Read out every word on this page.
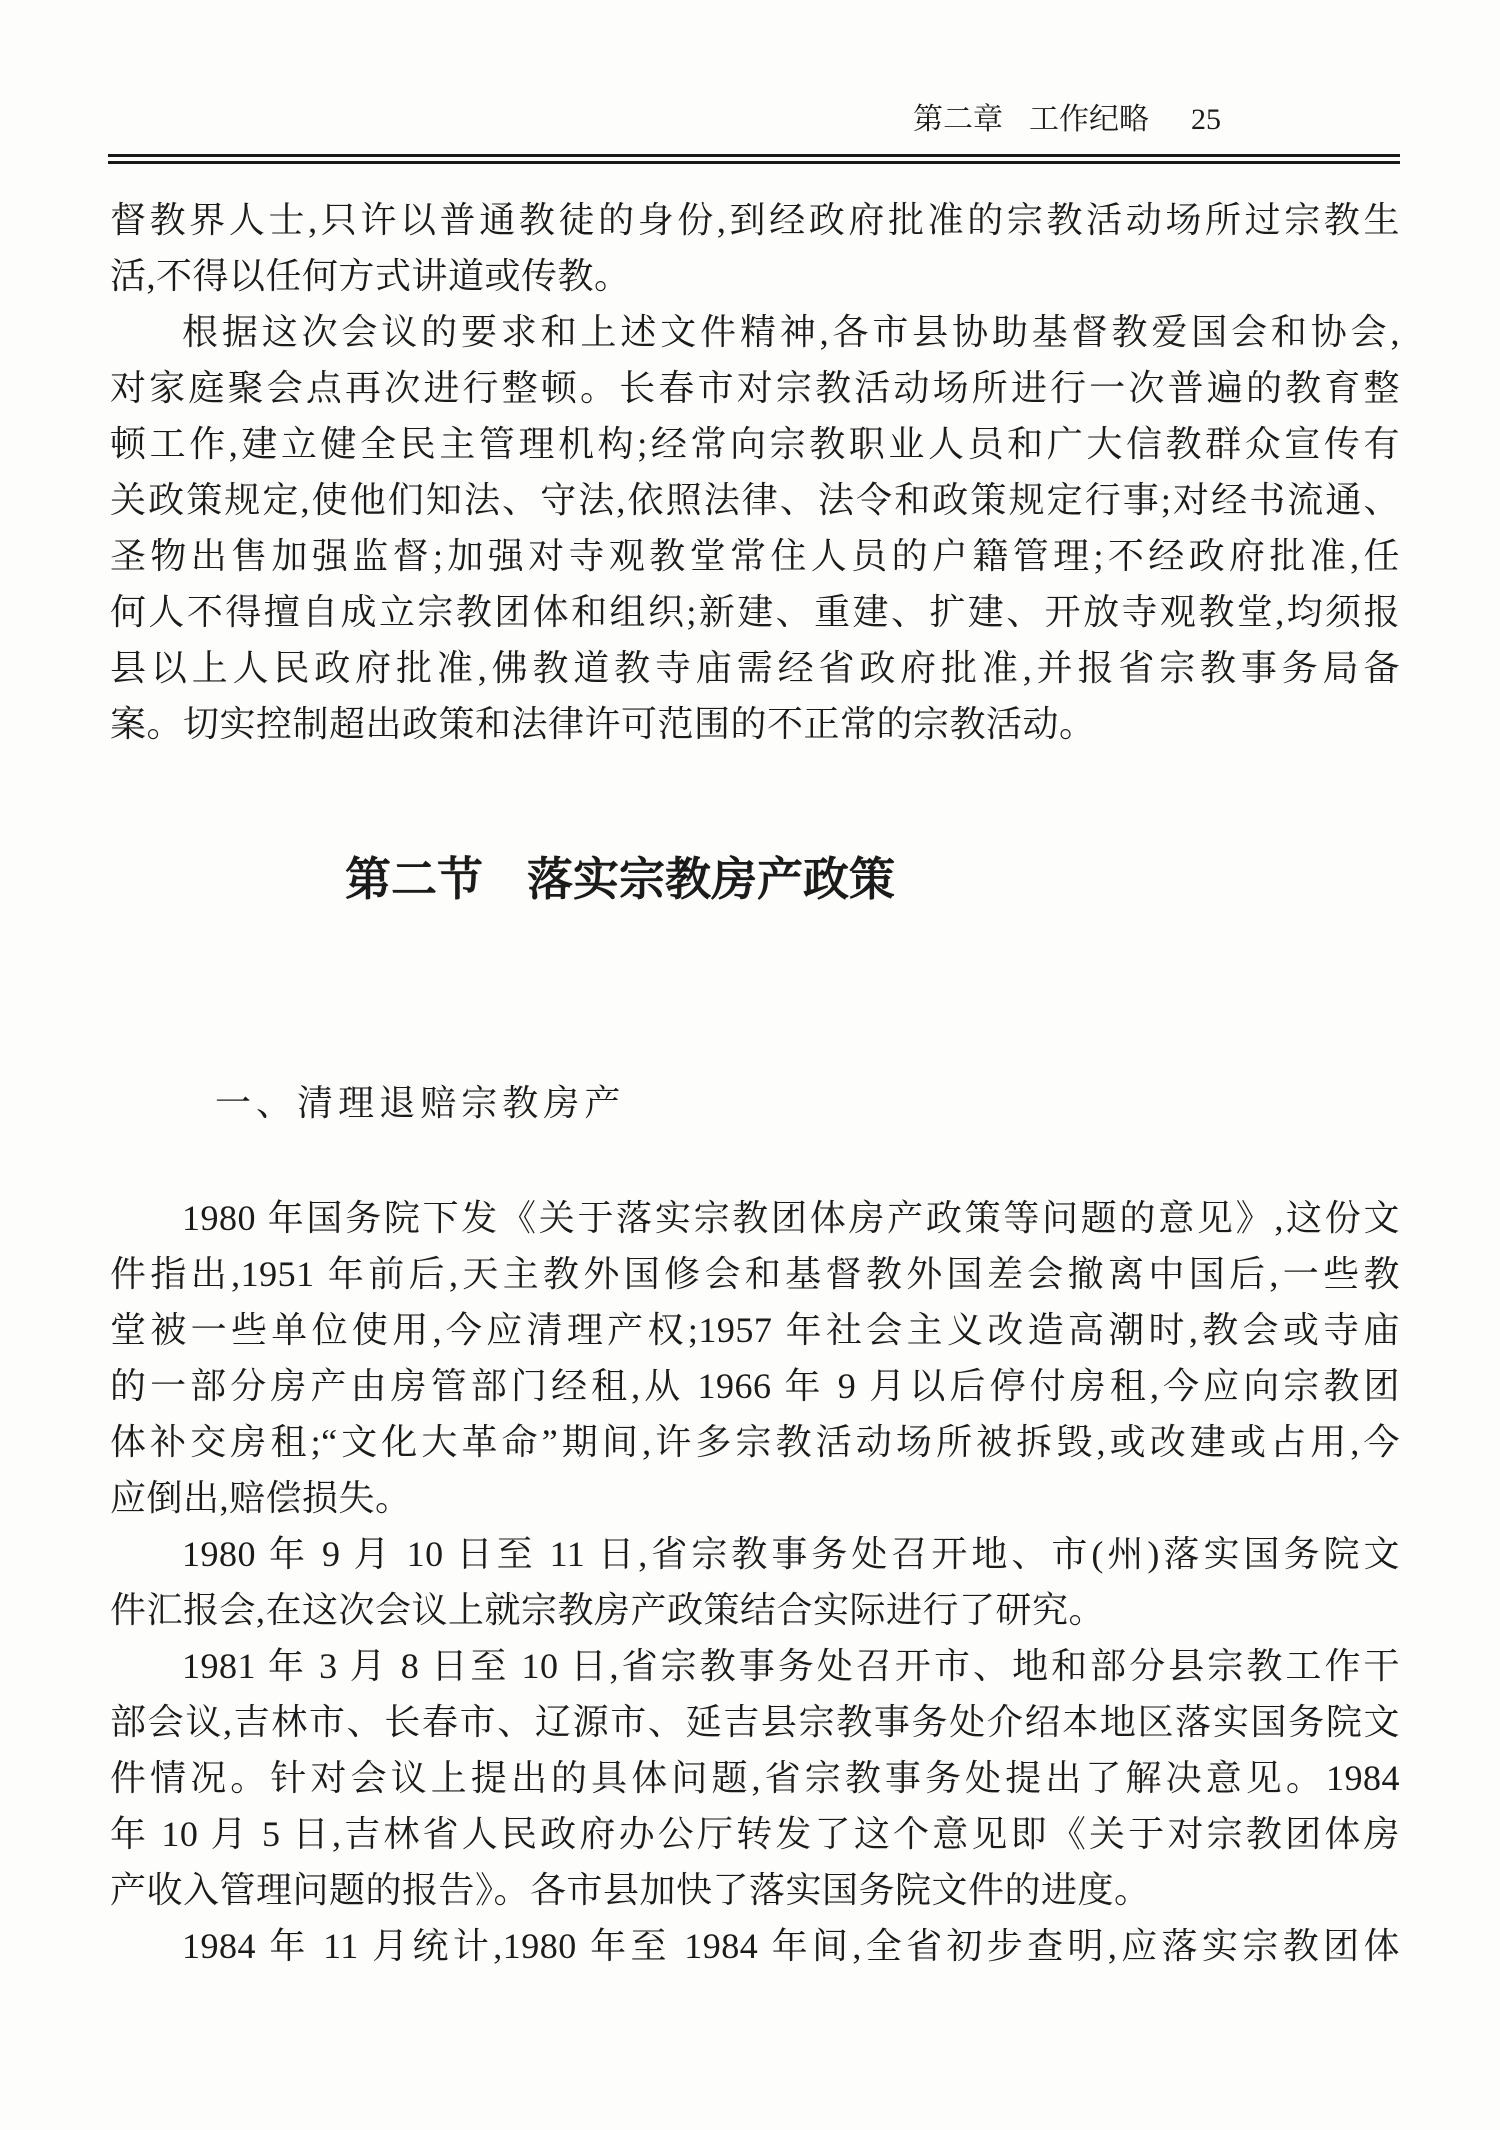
第二章 工作纪略 25
督教界人士,只许以普通教徒的身份,到经政府批准的宗教活动场所过宗教生
活,不得以任何方式讲道或传教。
根据这次会议的要求和上述文件精神,各市县协助基督教爱国会和协会,
对家庭聚会点再次进行整顿。长春市对宗教活动场所进行一次普遍的教育整
顿工作,建立健全民主管理机构;经常向宗教职业人员和广大信教群众宣传有
关政策规定,使他们知法、守法,依照法律、法令和政策规定行事;对经书流通、
圣物出售加强监督;加强对寺观教堂常住人员的户籍管理;不经政府批准,任
何人不得擅自成立宗教团体和组织;新建、重建、扩建、开放寺观教堂,均须报
县以上人民政府批准,佛教道教寺庙需经省政府批准,并报省宗教事务局备
案。切实控制超出政策和法律许可范围的不正常的宗教活动。
第二节 落实宗教房产政策
一、清理退赔宗教房产
1980 年国务院下发《关于落实宗教团体房产政策等问题的意见》,这份文
件指出,1951 年前后,天主教外国修会和基督教外国差会撤离中国后,一些教
堂被一些单位使用,今应清理产权;1957 年社会主义改造高潮时,教会或寺庙
的一部分房产由房管部门经租,从 1966 年 9 月以后停付房租,今应向宗教团
体补交房租;“文化大革命”期间,许多宗教活动场所被拆毁,或改建或占用,今
应倒出,赔偿损失。
1980 年 9 月 10 日至 11 日,省宗教事务处召开地、市(州)落实国务院文
件汇报会,在这次会议上就宗教房产政策结合实际进行了研究。
1981 年 3 月 8 日至 10 日,省宗教事务处召开市、地和部分县宗教工作干
部会议,吉林市、长春市、辽源市、延吉县宗教事务处介绍本地区落实国务院文
件情况。针对会议上提出的具体问题,省宗教事务处提出了解决意见。1984
年 10 月 5 日,吉林省人民政府办公厅转发了这个意见即《关于对宗教团体房
产收入管理问题的报告》。各市县加快了落实国务院文件的进度。
1984 年 11 月统计,1980 年至 1984 年间,全省初步查明,应落实宗教团体
